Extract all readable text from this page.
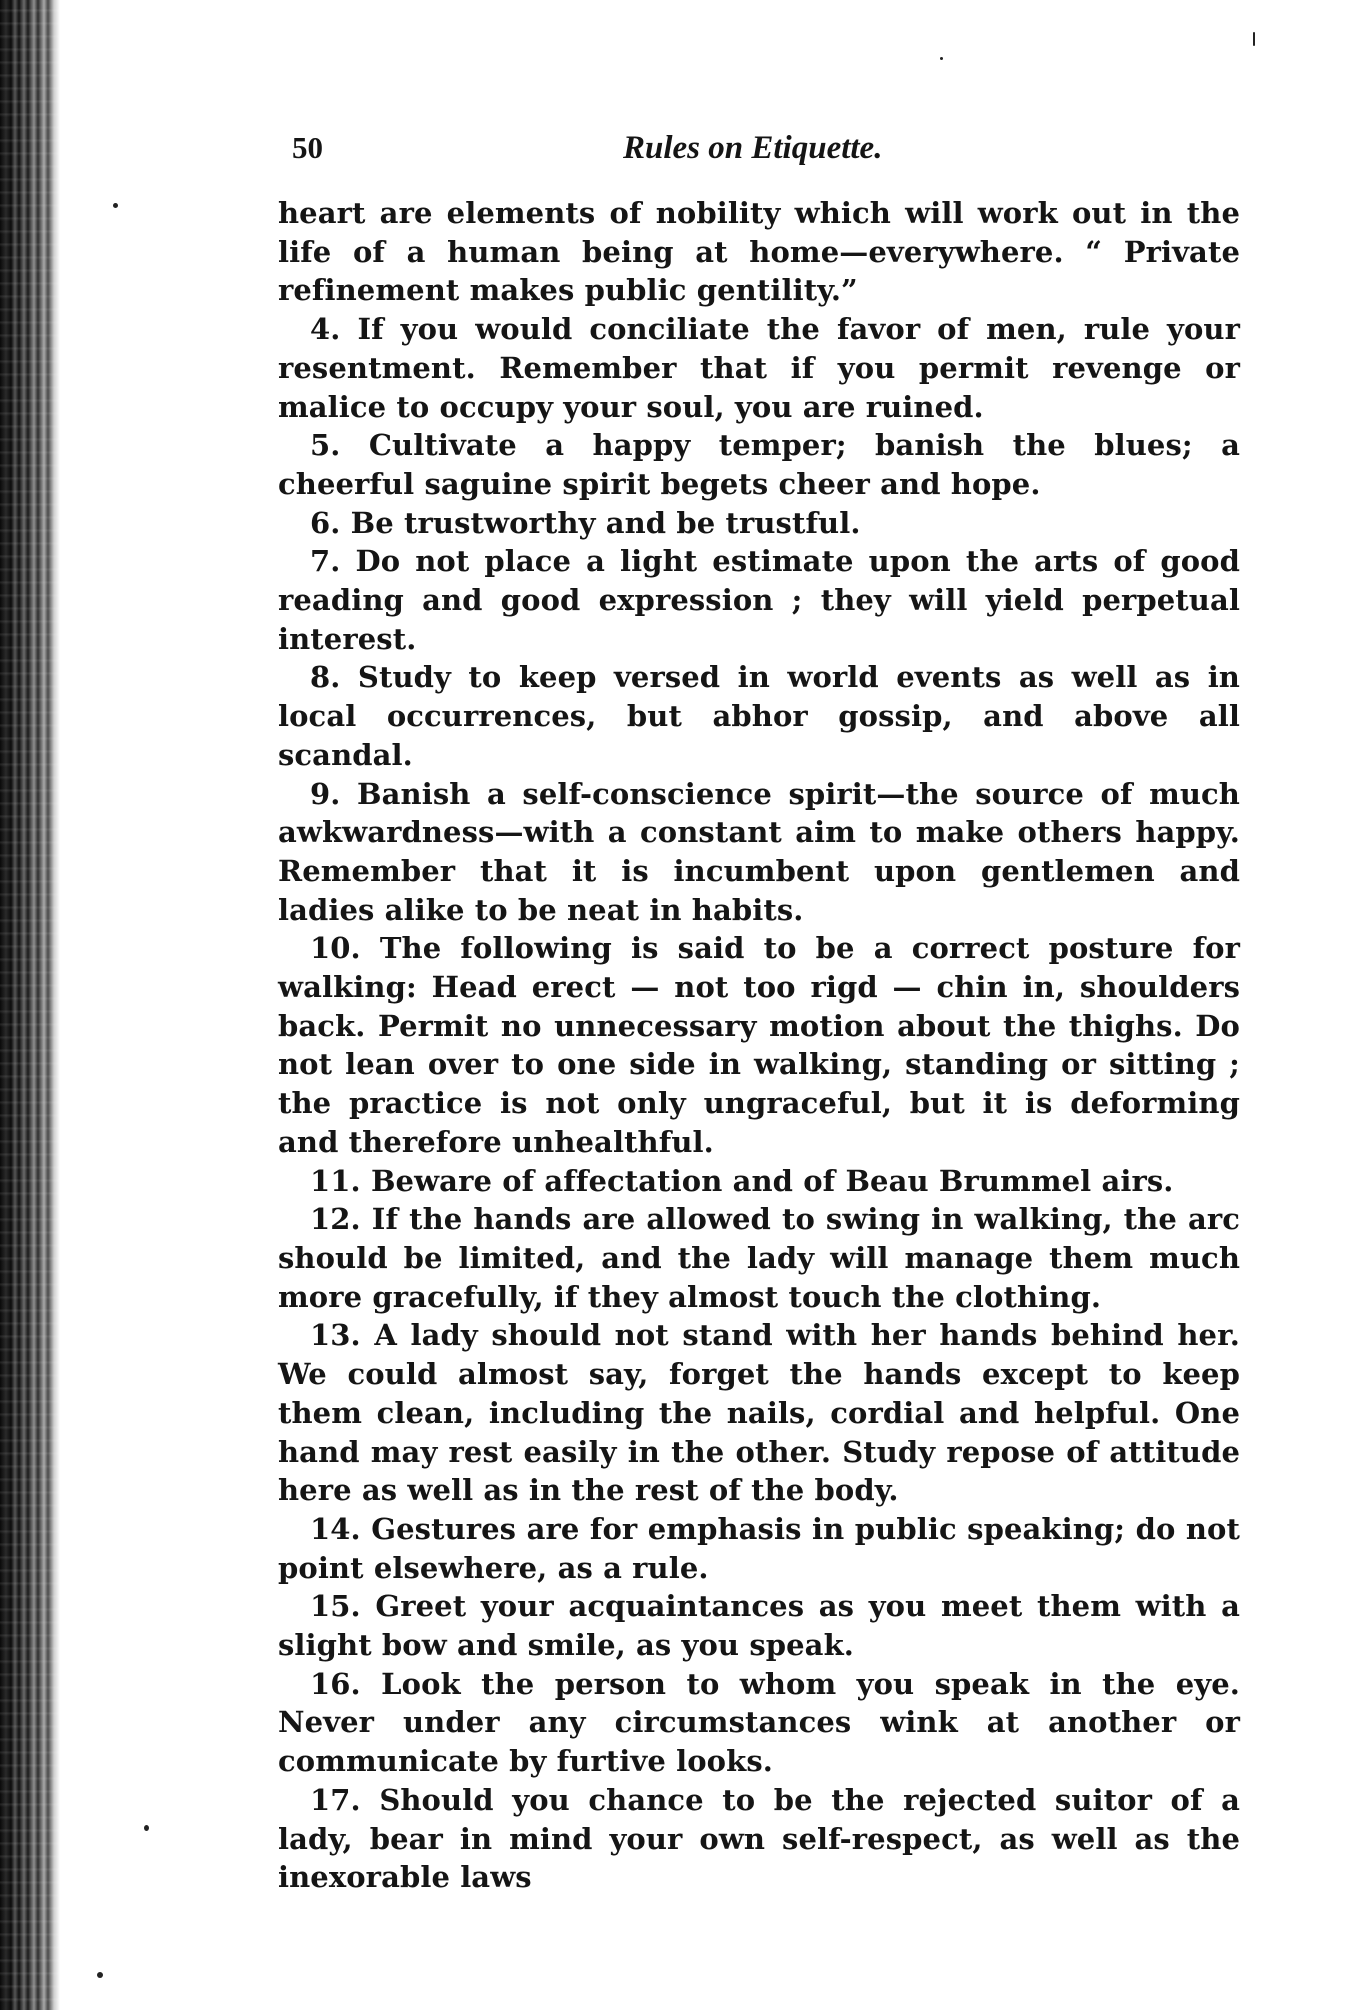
50	Rules on Etiquette.

heart are elements of nobility which will work out in the life of a human being at home—everywhere. “ Private refinement makes public gentility.”

4. If you would conciliate the favor of men, rule your resentment. Remember that if you permit revenge or malice to occupy your soul, you are ruined.

5. Cultivate a happy temper; banish the blues; a cheerful saguine spirit begets cheer and hope.

6. Be trustworthy and be trustful.

7. Do not place a light estimate upon the arts of good reading and good expression ; they will yield perpetual interest.

8. Study to keep versed in world events as well as in local occurrences, but abhor gossip, and above all scandal.

9. Banish a self-conscience spirit—the source of much awkwardness—with a constant aim to make others happy. Remember that it is incumbent upon gentlemen and ladies alike to be neat in habits.

10. The following is said to be a correct posture for walking: Head erect — not too rigd — chin in, shoulders back. Permit no unnecessary motion about the thighs. Do not lean over to one side in walking, standing or sitting ; the practice is not only ungraceful, but it is deforming and therefore unhealthful.

11. Beware of affectation and of Beau Brummel airs.

12. If the hands are allowed to swing in walking, the arc should be limited, and the lady will manage them much more gracefully, if they almost touch the clothing.

13. A lady should not stand with her hands behind her. We could almost say, forget the hands except to keep them clean, including the nails, cordial and helpful. One hand may rest easily in the other. Study repose of attitude here as well as in the rest of the body.

14. Gestures are for emphasis in public speaking; do not point elsewhere, as a rule.

15. Greet your acquaintances as you meet them with a slight bow and smile, as you speak.

16. Look the person to whom you speak in the eye. Never under any circumstances wink at another or communicate by furtive looks.

17. Should you chance to be the rejected suitor of a lady, bear in mind your own self-respect, as well as the inexorable laws
